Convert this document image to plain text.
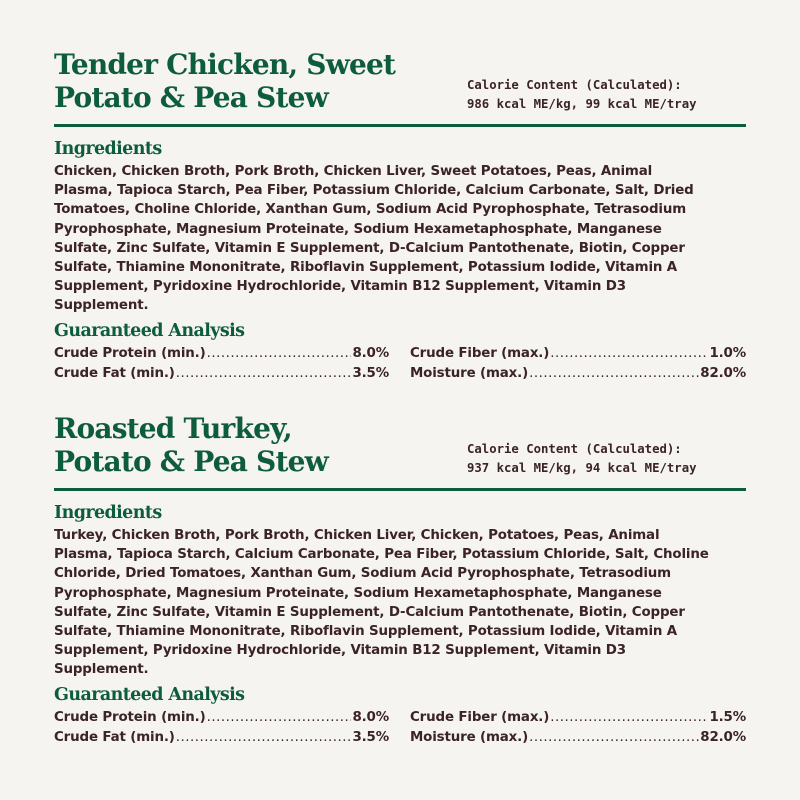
Tender Chicken, Sweet
Potato & Pea Stew	Calorie Content (Calculated):
986 kcal ME/kg, 99 kcal ME/tray
Ingredients

Chicken, Chicken Broth, Pork Broth, Chicken Liver, Sweet Potatoes, Peas, Animal Plasma, Tapioca Starch, Pea Fiber, Potassium Chloride, Calcium Carbonate, Salt, Dried Tomatoes, Choline Chloride, Xanthan Gum, Sodium Acid Pyrophosphate, Tetrasodium Pyrophosphate, Magnesium Proteinate, Sodium Hexametaphosphate, Manganese Sulfate, Zinc Sulfate, Vitamin E Supplement, D-Calcium Pantothenate, Biotin, Copper Sulfate, Thiamine Mononitrate, Riboflavin Supplement, Potassium Iodide, Vitamin A Supplement, Pyridoxine Hydrochloride, Vitamin B12 Supplement, Vitamin D3 Supplement.

Guaranteed Analysis
Crude Protein (min.) .....	8.0%
Crude Fat (min.) .....	3.5%
Crude Fiber (max.) .....	1.0%
Moisture (max.) .....	82.0%
Roasted Turkey,
Potato & Pea Stew	Calorie Content (Calculated):
937 kcal ME/kg, 94 kcal ME/tray
Ingredients

Turkey, Chicken Broth, Pork Broth, Chicken Liver, Chicken, Potatoes, Peas, Animal Plasma, Tapioca Starch, Calcium Carbonate, Pea Fiber, Potassium Chloride, Salt, Choline Chloride, Dried Tomatoes, Xanthan Gum, Sodium Acid Pyrophosphate, Tetrasodium Pyrophosphate, Magnesium Proteinate, Sodium Hexametaphosphate, Manganese Sulfate, Zinc Sulfate, Vitamin E Supplement, D-Calcium Pantothenate, Biotin, Copper Sulfate, Thiamine Mononitrate, Riboflavin Supplement, Potassium Iodide, Vitamin A Supplement, Pyridoxine Hydrochloride, Vitamin B12 Supplement, Vitamin D3 Supplement.

Guaranteed Analysis
Crude Protein (min.) .....	8.0%
Crude Fat (min.) .....	3.5%
Crude Fiber (max.) .....	1.5%
Moisture (max.) .....	82.0%
